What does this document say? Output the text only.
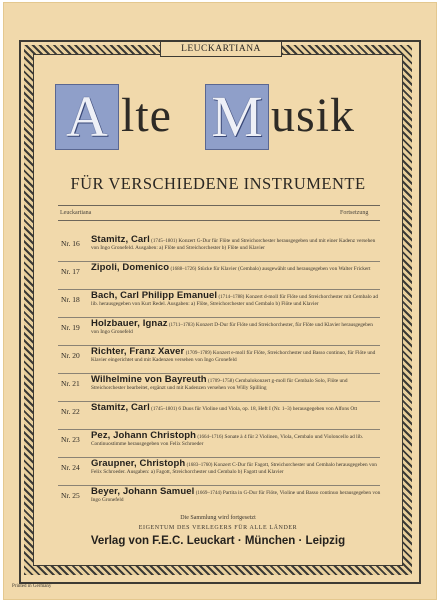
LEUCKARTIANA
A lte M usik
FÜR VERSCHIEDENE INSTRUMENTE
Leuckartiana	Fortsetzung
Nr. 16 Stamitz, Carl (1745–1801) Konzert G-Dur für Flöte und Streichorchester herausgegeben und mit einer Kadenz versehen von Ingo Gronefeld. Ausgaben: a) Flöte und Streichorchester b) Flöte und Klavier
Nr. 17 Zipoli, Domenico (1688–1726) Stücke für Klavier (Cembalo) ausgewählt und herausgegeben von Walter Frickert
Nr. 18 Bach, Carl Philipp Emanuel (1714–1788) Konzert d-moll für Flöte und Streichorchester mit Cembalo ad lib. herausgegeben von Kurt Redel. Ausgaben: a) Flöte, Streichorchester und Cembalo b) Flöte und Klavier
Nr. 19 Holzbauer, Ignaz (1711–1783) Konzert D-Dur für Flöte und Streichorchester, für Flöte und Klavier herausgegeben von Ingo Gronefeld
Nr. 20 Richter, Franz Xaver (1709–1789) Konzert e-moll für Flöte, Streichorchester und Basso continuo, für Flöte und Klavier eingerichtet und mit Kadenzen versehen von Ingo Gronefeld
Nr. 21 Wilhelmine von Bayreuth (1709–1758) Cembalokonzert g-moll für Cembalo Solo, Flöte und Streichorchester bearbeitet, ergänzt und mit Kadenzen versehen von Willy Spilling
Nr. 22 Stamitz, Carl (1745–1801) 6 Duos für Violine und Viola, op. 18, Heft I (Nr. 1–3) herausgegeben von Alfons Ott
Nr. 23 Pez, Johann Christoph (1664–1716) Sonate à 4 für 2 Violinen, Viola, Cembalo und Violoncello ad lib. Continuostimme herausgegeben von Felix Schroeder
Nr. 24 Graupner, Christoph (1683–1760) Konzert C-Dur für Fagott, Streichorchester und Cembalo herausgegeben von Felix Schroeder. Ausgaben: a) Fagott, Streichorchester und Cembalo b) Fagott und Klavier
Nr. 25 Beyer, Johann Samuel (1669–1744) Partita in G-Dur für Flöte, Violine und Basso continuo herausgegeben von Ingo Gronefeld
Die Sammlung wird fortgesetzt
EIGENTUM DES VERLEGERS FÜR ALLE LÄNDER
Verlag von F.E.C. Leuckart · München · Leipzig
Printed in Germany
